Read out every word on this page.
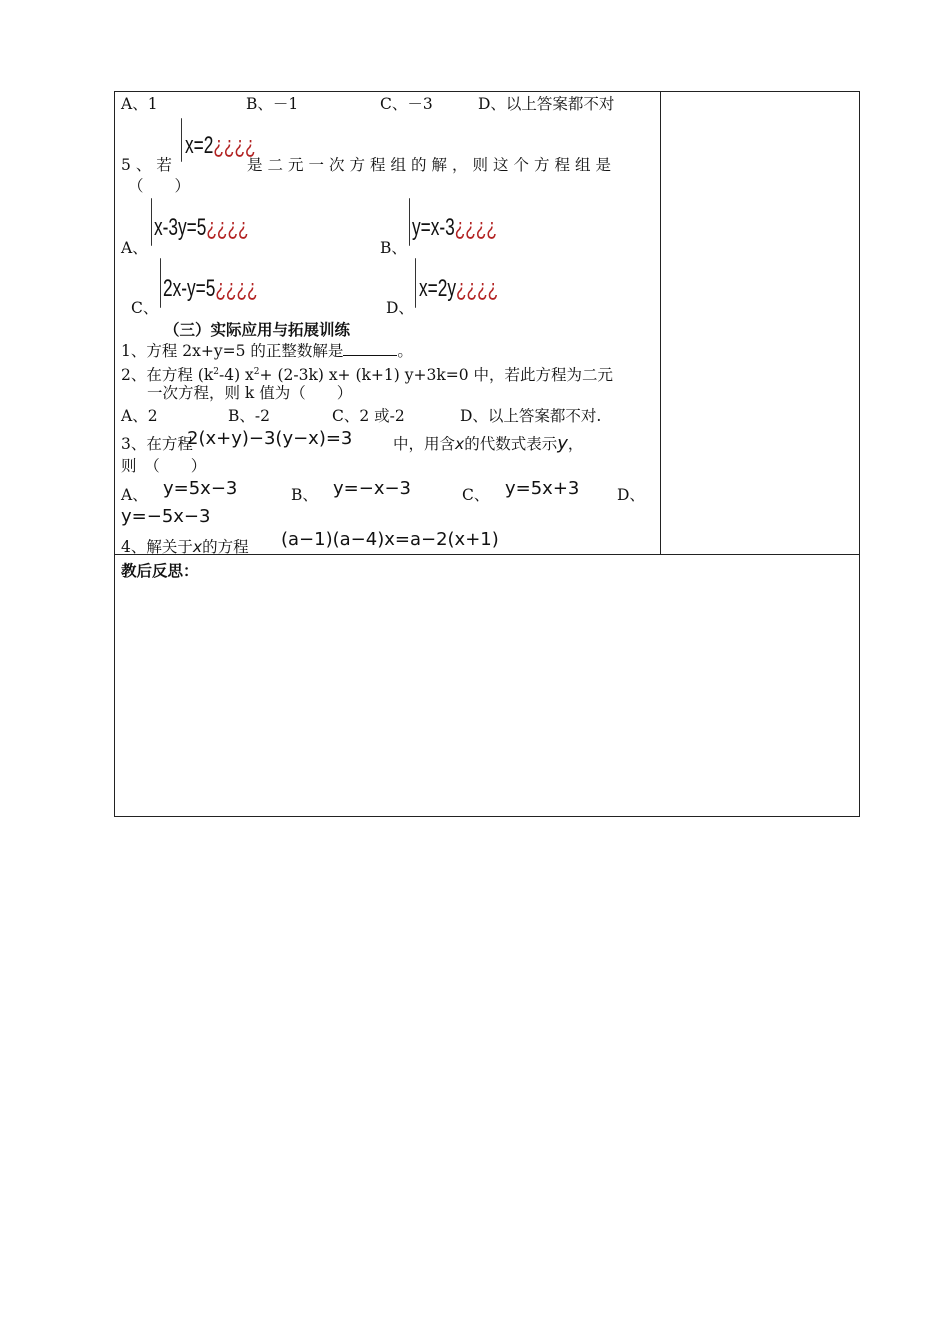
A、1	B、－1	C、－3	D、以上答案都不对
5、若
x=2¿¿¿¿
是二元一次方程组的解，则这个方程组是
（　　）
A、
x-3y=5¿¿¿¿
B、
y=x-3¿¿¿¿
C、
2x-y=5¿¿¿¿
D、
x=2y¿¿¿¿
（三）实际应用与拓展训练
1、方程 2x+y=5 的正整数解是	。
2、在方程 $(k^2-4)$ $x^2+ (2-3k)$ x+ (k+1) y+3k=0 中，若此方程为二元
一次方程，则 k 值为（　　）
A、2	B、-2	C、2 或-2	D、以上答案都不对.
3、在方程
2(x+y)−3(y−x)=3	中，用含x的代数式表示y，
则　（　　）
A、 y=5x−3	B、 y=−x−3	C、 y=5x+3 D、
y=−5x−3
4、解关于x的方程 (a−1)(a−4)x=a−2(x+1)
教后反思：
